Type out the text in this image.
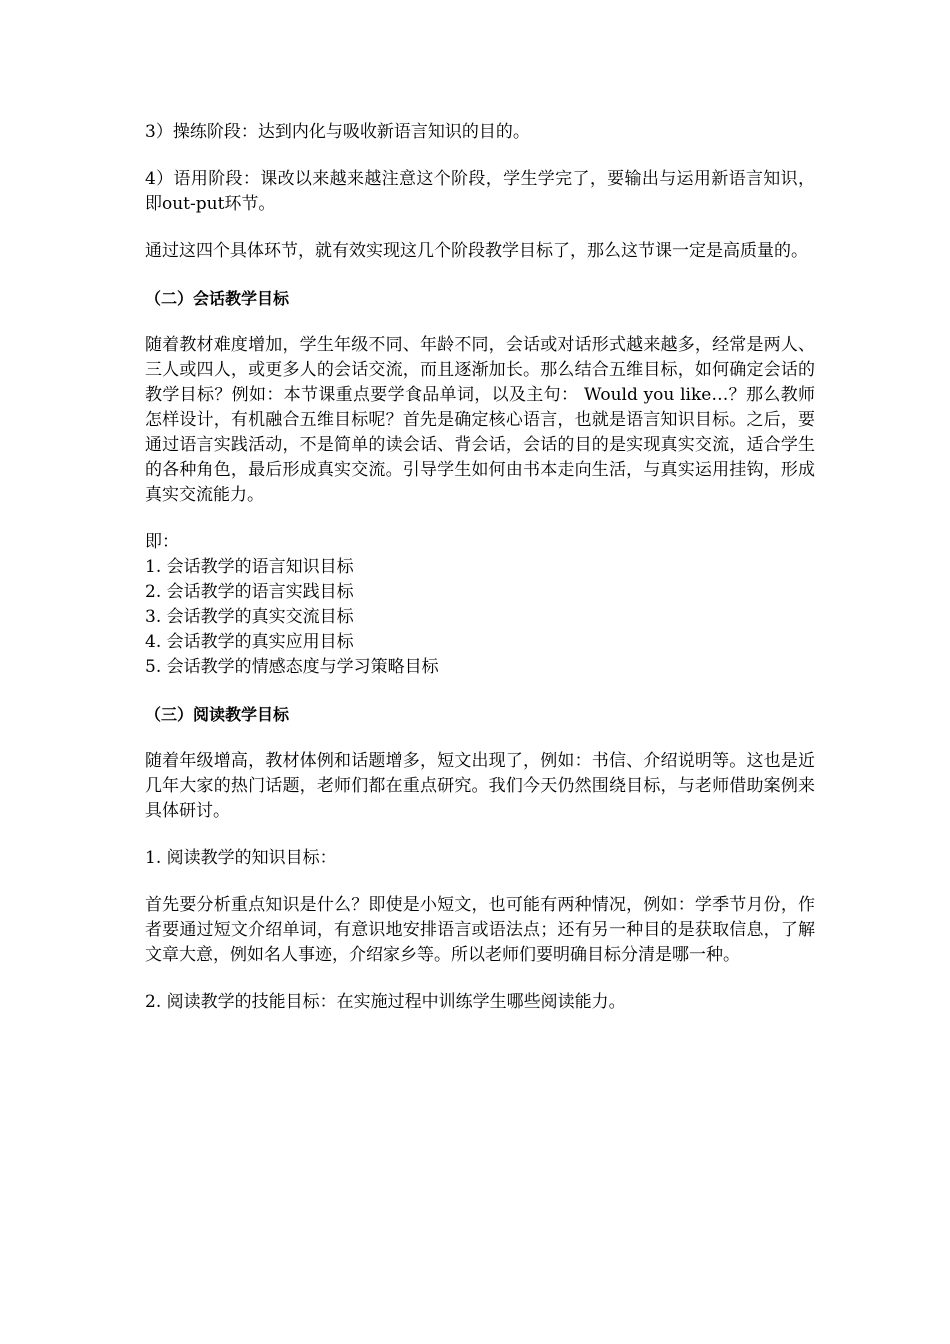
3）操练阶段：达到内化与吸收新语言知识的目的。

4）语用阶段：课改以来越来越注意这个阶段，学生学完了，要输出与运用新语言知识，即out-put环节。

通过这四个具体环节，就有效实现这几个阶段教学目标了，那么这节课一定是高质量的。

（二）会话教学目标

随着教材难度增加，学生年级不同、年龄不同，会话或对话形式越来越多，经常是两人、三人或四人，或更多人的会话交流，而且逐渐加长。那么结合五维目标，如何确定会话的教学目标？例如：本节课重点要学食品单词，以及主句： Would you like…？那么教师怎样设计，有机融合五维目标呢？首先是确定核心语言，也就是语言知识目标。之后，要通过语言实践活动，不是简单的读会话、背会话，会话的目的是实现真实交流，适合学生的各种角色，最后形成真实交流。引导学生如何由书本走向生活，与真实运用挂钩，形成真实交流能力。

即：

1. 会话教学的语言知识目标

2. 会话教学的语言实践目标

3. 会话教学的真实交流目标

4. 会话教学的真实应用目标

5. 会话教学的情感态度与学习策略目标

（三）阅读教学目标

随着年级增高，教材体例和话题增多，短文出现了，例如：书信、介绍说明等。这也是近几年大家的热门话题，老师们都在重点研究。我们今天仍然围绕目标，与老师借助案例来具体研讨。

1. 阅读教学的知识目标：

首先要分析重点知识是什么？即使是小短文，也可能有两种情况，例如：学季节月份，作者要通过短文介绍单词，有意识地安排语言或语法点；还有另一种目的是获取信息，了解文章大意，例如名人事迹，介绍家乡等。所以老师们要明确目标分清是哪一种。

2. 阅读教学的技能目标：在实施过程中训练学生哪些阅读能力。
